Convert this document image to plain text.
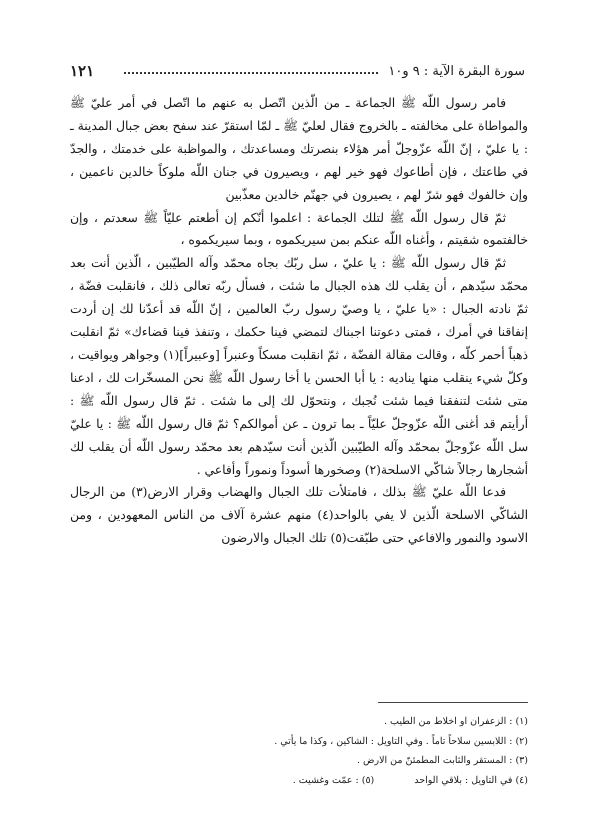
١٢١	سورة البقرة الآية : ٩ و١٠

فامر رسول اللّه ﷺ الجماعة ـ من الّذين اتّصل به عنهم ما اتّصل في أمر عليّ ﷺ والمواطاة على مخالفته ـ بالخروج فقال لعليّ ﷺ ـ لمّا استقرّ عند سفح بعض جبال المدينة ـ : يا عليّ ، إنّ اللّه عزّوجلّ أمر هؤلاء بنصرتك ومساعدتك ، والمواظبة على خدمتك ، والجدّ في طاعتك ، فإن أطاعوك فهو خير لهم ، ويصيرون في جنان اللّه ملوكاً خالدين ناعمين ، وإن خالفوك فهو شرّ لهم ، يصيرون في جهنّم خالدين معذّبين

ثمّ قال رسول اللّه ﷺ لتلك الجماعة : اعلموا أنّكم إن أطعتم عليّاً ﷺ سعدتم ، وإن خالفتموه شقيتم ، وأغناه اللّه عنكم بمن سيريكموه ، وبما سيريكموه ،

ثمّ قال رسول اللّه ﷺ : يا عليّ ، سل ربّك بجاه محمّد وآله الطيّبين ، الّذين أنت بعد محمّد سيّدهم ، أن يقلب لك هذه الجبال ما شئت ، فسأل ربّه تعالى ذلك ، فانقلبت فضّة ، ثمّ نادته الجبال : «يا عليّ ، يا وصيّ رسول ربّ العالمين ، إنّ اللّه قد أعدّنا لك إن أردت إنفاقنا في أمرك ، فمتى دعوتنا اجبناك لتمضي فينا حكمك ، وتنفذ فينا قضاءك» ثمّ انقلبت ذهباً أحمر كلّه ، وقالت مقالة الفضّة ، ثمّ انقلبت مسكاً وعنبراً [وعبيراً](١) وجواهر ويواقيت ، وكلّ شيء ينقلب منها يناديه : يا أبا الحسن يا أخا رسول اللّه ﷺ نحن المسخّرات لك ، ادعنا متى شئت لتنفقنا فيما شئت نُجبك ، ونتحوّل لك إلى ما شئت . ثمّ قال رسول اللّه ﷺ : أرأيتم قد أغنى اللّه عزّوجلّ عليّاً ـ بما ترون ـ عن أموالكم؟ ثمّ قال رسول اللّه ﷺ : يا عليّ سل اللّه عزّوجلّ بمحمّد وآله الطيّبين الّذين أنت سيّدهم بعد محمّد رسول اللّه أن يقلب لك أشجارها رجالاً شاكّي الاسلحة(٢) وصخورها أسوداً ونموراً وأفاعي .

فدعا اللّه عليّ ﷺ بذلك ، فامتلأت تلك الجبال والهضاب وقرار الارض(٣) من الرجال الشاكّي الاسلحة الّذين لا يفي بالواحد(٤) منهم عشرة آلاف من الناس المعهودين ، ومن الاسود والنمور والافاعي حتى طبّقت(٥) تلك الجبال والارضون

(١) : الزعفران او اخلاط من الطيب .

(٢) : اللابسين سلاحاً تاماً . وفي التاويل : الشاكين ، وكذا ما يأتي .

(٣) : المستقر والثابت المطمئنّ من الارض .

(٤) في التاويل : بلاقي الواحد
(٥) : عمّت وغشيت .
